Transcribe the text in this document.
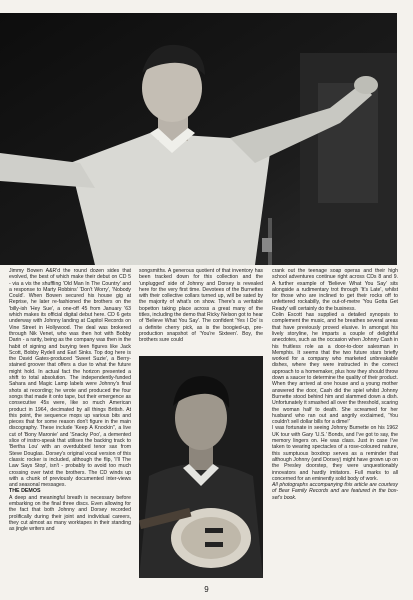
Jimmy Bowen A&R'd the round dozen sides that evolved, the best of which make their debut on CD 5 - via a vis the shuffling 'Old Man In The Country' and a response to Marty Robbins' 'Don't Worry', 'Nobody Could'. When Bowen secured his house gig at Reprise, he later re-fashioned the brothers on the 'billy-ish 'Hey Sue', a one-off 45 from January '63 which makes its official digital debut here. CD 6 gets underway with Johnny landing at Capitol Records on Vine Street in Hollywood. The deal was brokered through Nik Venet, who was then hot with Bobby Darin - a rarity, being as the company was then in the habit of signing and burying teen figures like Jack Scott, Bobby Rydell and Earl Sinks. Top dog here is the David Gates-produced 'Sweet Suzie', a Berry-stained groover that offers a clue to what the future might hold. In actual fact the horizon presented a shift to total absolution. The independently-funded Sahara and Magic Lamp labels were Johnny's final shots at recording; he wrote and produced the four songs that made it onto tape, but their emergence as consecutive 45s were, like so much American product in 1964, decimated by all things British. At this point, the sequence mops up various bits and pieces that for some reason don't figure in the main discography. These include 'Keep A Knockin'', a live cut of 'Bony Maronie' and 'Snacky Poo', a demented slice of instro-speak that utilises the backing track to 'Bertha Lou' with an overdubbed tenor sax from Steve Douglas. Dorsey's original vocal version of this classic rocker is included, although the flip, 'I'll The Law Says Stop', isn't - probably to avoid too much crossing over twixt the brothers. The CD winds up with a chunk of previously documented inter-views and seasonal messages.

THE DEMOS

A deep and meaningful breath is necessary before embarking on the final three discs. Even allowing for the fact that both Johnny and Dorsey recorded prolifically during their joint and individual careers, they cut almost as many worktapes in their standing as jingle writers and

songsmiths. A generous quotient of that inventory has been tracked down for this collection and the 'unplugged' side of Johnny and Dorsey is revealed here for the very first time. Devotees of the Burnettes with their collective collars turned up, will be sated by the majority of what's on show. There's a veritable bopetton taking place across a great many of the titles, including the demo that Ricky Nelson got to hear of 'Believe What You Say'. The confident 'Yes I Do' is a definite cherry pick, as is the boogied-up, pre-production snapshot of 'You're Sixteen'. Boy, the brothers sure could

crank out the teenage soap operas and their high school adventures continue right across CDs 8 and 9. A further example of 'Believe What You Say' sits alongside a rudimentary trot through 'It's Late', whilst for those who are inclined to get their rocks off to unfettered rockabilly, the out-of-metre 'You Gotta Get Ready' will certainly do the business.

Colin Escott has supplied a detailed synopsis to complement the music, and he breathes several areas that have previously proved elusive. In amongst his lively storyline, he imparts a couple of delightful anecdotes, such as the occasion when Johnny Cash in his fruitless role as a door-to-door salesman in Memphis. It seems that the two future stars briefly worked for a company who marketed unbreakable dishes, where they were instructed in the correct approach to a homemaker, plus how they should throw down a saucer to determine the quality of their product. When they arrived at one house and a young mother answered the door, Cash did the spiel whilst Johnny Burnette stood behind him and slammed down a dish. Unfortunately it smashed all over the threshold, scaring the woman half to death. She screamed for her husband who ran out and angrily exclaimed, 'You couldn't sell dollar bills for a dime!'

I was fortunate in seeing Johnny Burnette on his 1962 UK tour with Gary 'U.S.' Bonds, and I've got to say, the memory lingers on. He was class. Just in case I've taken to wearing spectacles of a rose-coloured nature, this sumptuous boxdrop serves as a reminder that although Johnny (and Dorsey) might have grown up on the Presley doorstep, they were unquestionably innovators and hardly imitators. Full marks to all concerned for an eminently solid body of work.

All photographs accompanying this article are courtesy of Bear Family Records and are featured in the box-set's book.

9
